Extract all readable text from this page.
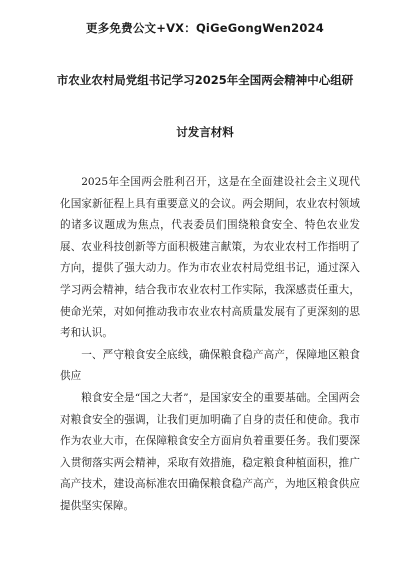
更多免费公文+VX：QiGeGongWen2024
市农业农村局党组书记学习2025年全国两会精神中心组研
讨发言材料

2025年全国两会胜利召开，这是在全面建设社会主义现代化国家新征程上具有重要意义的会议。两会期间，农业农村领域的诸多议题成为焦点，代表委员们围绕粮食安全、特色农业发展、农业科技创新等方面积极建言献策，为农业农村工作指明了方向，提供了强大动力。作为市农业农村局党组书记，通过深入学习两会精神，结合我市农业农村工作实际，我深感责任重大，使命光荣，对如何推动我市农业农村高质量发展有了更深刻的思考和认识。

一、严守粮食安全底线，确保粮食稳产高产，保障地区粮食供应

粮食安全是“国之大者”，是国家安全的重要基础。全国两会对粮食安全的强调，让我们更加明确了自身的责任和使命。我市作为农业大市，在保障粮食安全方面肩负着重要任务。我们要深入贯彻落实两会精神，采取有效措施，稳定粮食种植面积，推广高产技术，建设高标准农田确保粮食稳产高产，为地区粮食供应提供坚实保障。
